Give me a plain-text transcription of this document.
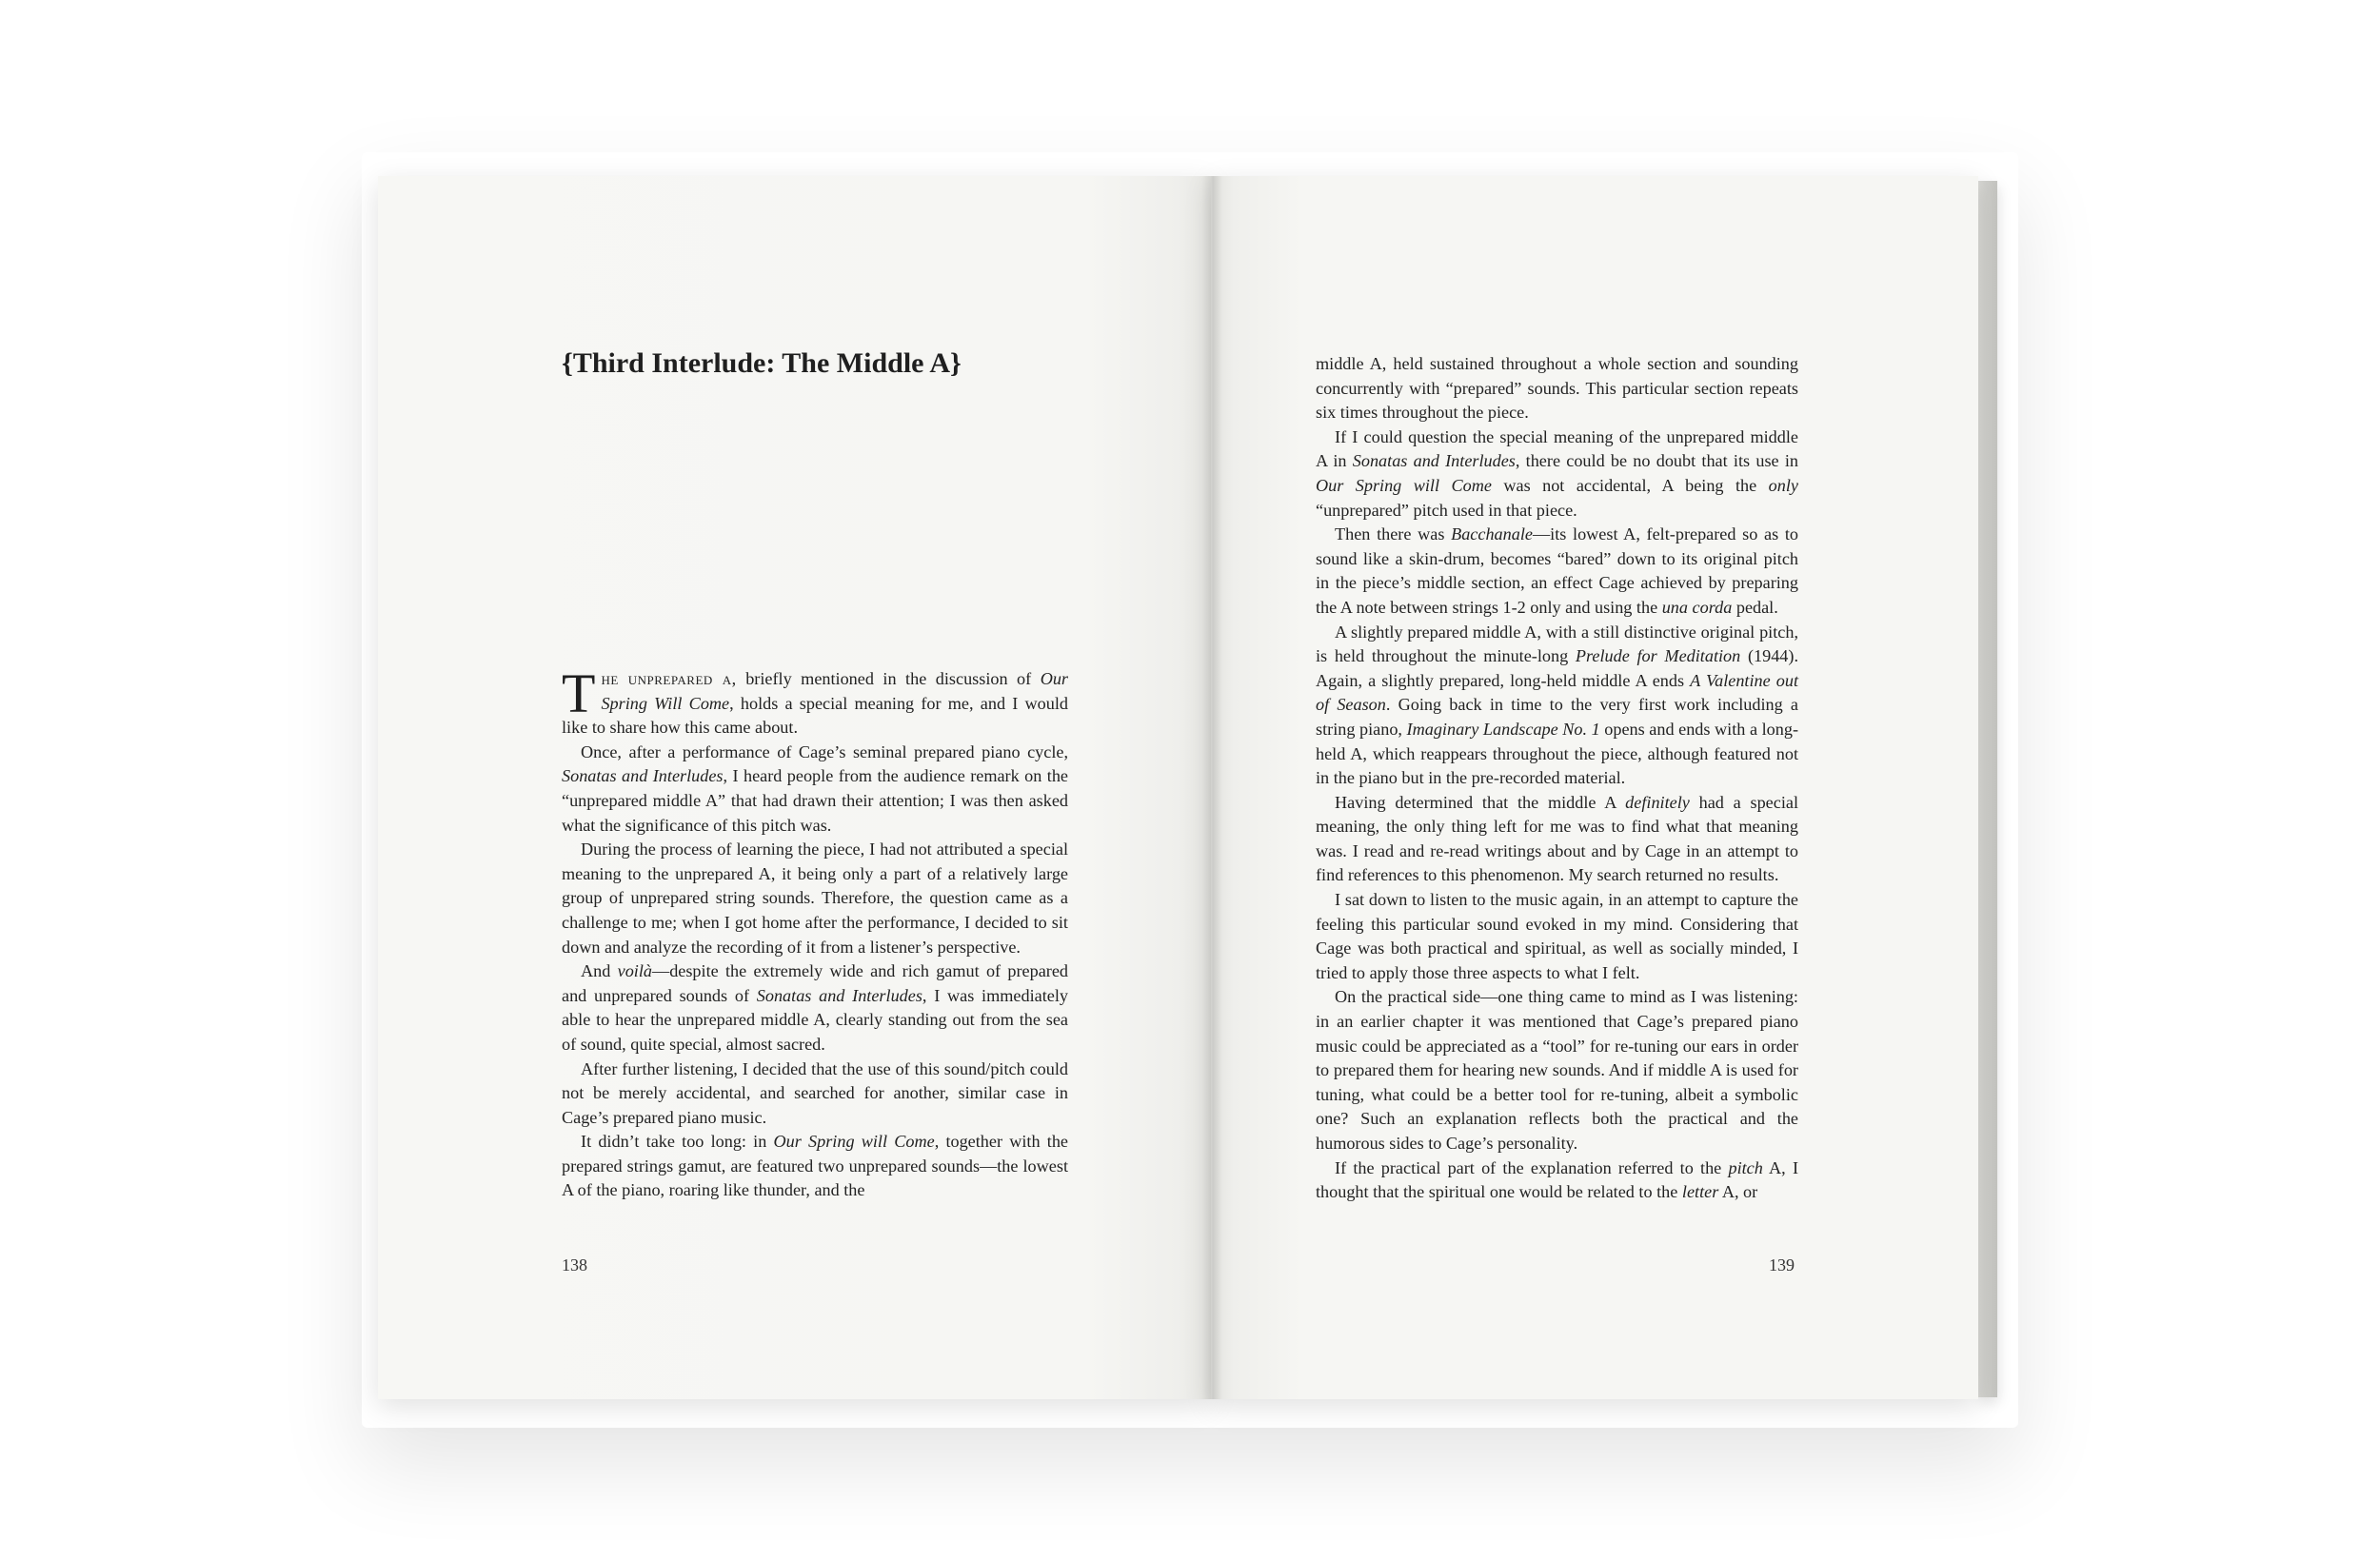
{Third Interlude: The Middle A}

The unprepared a, briefly mentioned in the discussion of Our Spring Will Come, holds a special meaning for me, and I would like to share how this came about.

Once, after a performance of Cage’s seminal prepared piano cycle, Sonatas and Interludes, I heard people from the audience remark on the “unprepared middle A” that had drawn their attention; I was then asked what the significance of this pitch was.

During the process of learning the piece, I had not attributed a special meaning to the unprepared A, it being only a part of a relatively large group of unprepared string sounds. Therefore, the question came as a challenge to me; when I got home after the performance, I decided to sit down and analyze the recording of it from a listener’s perspective.

And voilà—despite the extremely wide and rich gamut of prepared and unprepared sounds of Sonatas and Interludes, I was immediately able to hear the unprepared middle A, clearly standing out from the sea of sound, quite special, almost sacred.

After further listening, I decided that the use of this sound/pitch could not be merely accidental, and searched for another, similar case in Cage’s prepared piano music.

It didn’t take too long: in Our Spring will Come, together with the prepared strings gamut, are featured two unprepared sounds—the lowest A of the piano, roaring like thunder, and the

middle A, held sustained throughout a whole section and sounding concurrently with “prepared” sounds. This particular section repeats six times throughout the piece.

If I could question the special meaning of the unprepared middle A in Sonatas and Interludes, there could be no doubt that its use in Our Spring will Come was not accidental, A being the only “unprepared” pitch used in that piece.

Then there was Bacchanale—its lowest A, felt-prepared so as to sound like a skin-drum, becomes “bared” down to its original pitch in the piece’s middle section, an effect Cage achieved by preparing the A note between strings 1-2 only and using the una corda pedal.

A slightly prepared middle A, with a still distinctive original pitch, is held throughout the minute-long Prelude for Meditation (1944). Again, a slightly prepared, long-held middle A ends A Valentine out of Season. Going back in time to the very first work including a string piano, Imaginary Landscape No. 1 opens and ends with a long-held A, which reappears throughout the piece, although featured not in the piano but in the pre-recorded material.

Having determined that the middle A definitely had a special meaning, the only thing left for me was to find what that meaning was. I read and re-read writings about and by Cage in an attempt to find references to this phenomenon. My search returned no results.

I sat down to listen to the music again, in an attempt to capture the feeling this particular sound evoked in my mind. Considering that Cage was both practical and spiritual, as well as socially minded, I tried to apply those three aspects to what I felt.

On the practical side—one thing came to mind as I was listening: in an earlier chapter it was mentioned that Cage’s prepared piano music could be appreciated as a “tool” for re-tuning our ears in order to prepared them for hearing new sounds. And if middle A is used for tuning, what could be a better tool for re-tuning, albeit a symbolic one? Such an explanation reflects both the practical and the humorous sides to Cage’s personality.

If the practical part of the explanation referred to the pitch A, I thought that the spiritual one would be related to the letter A, or

138	139
